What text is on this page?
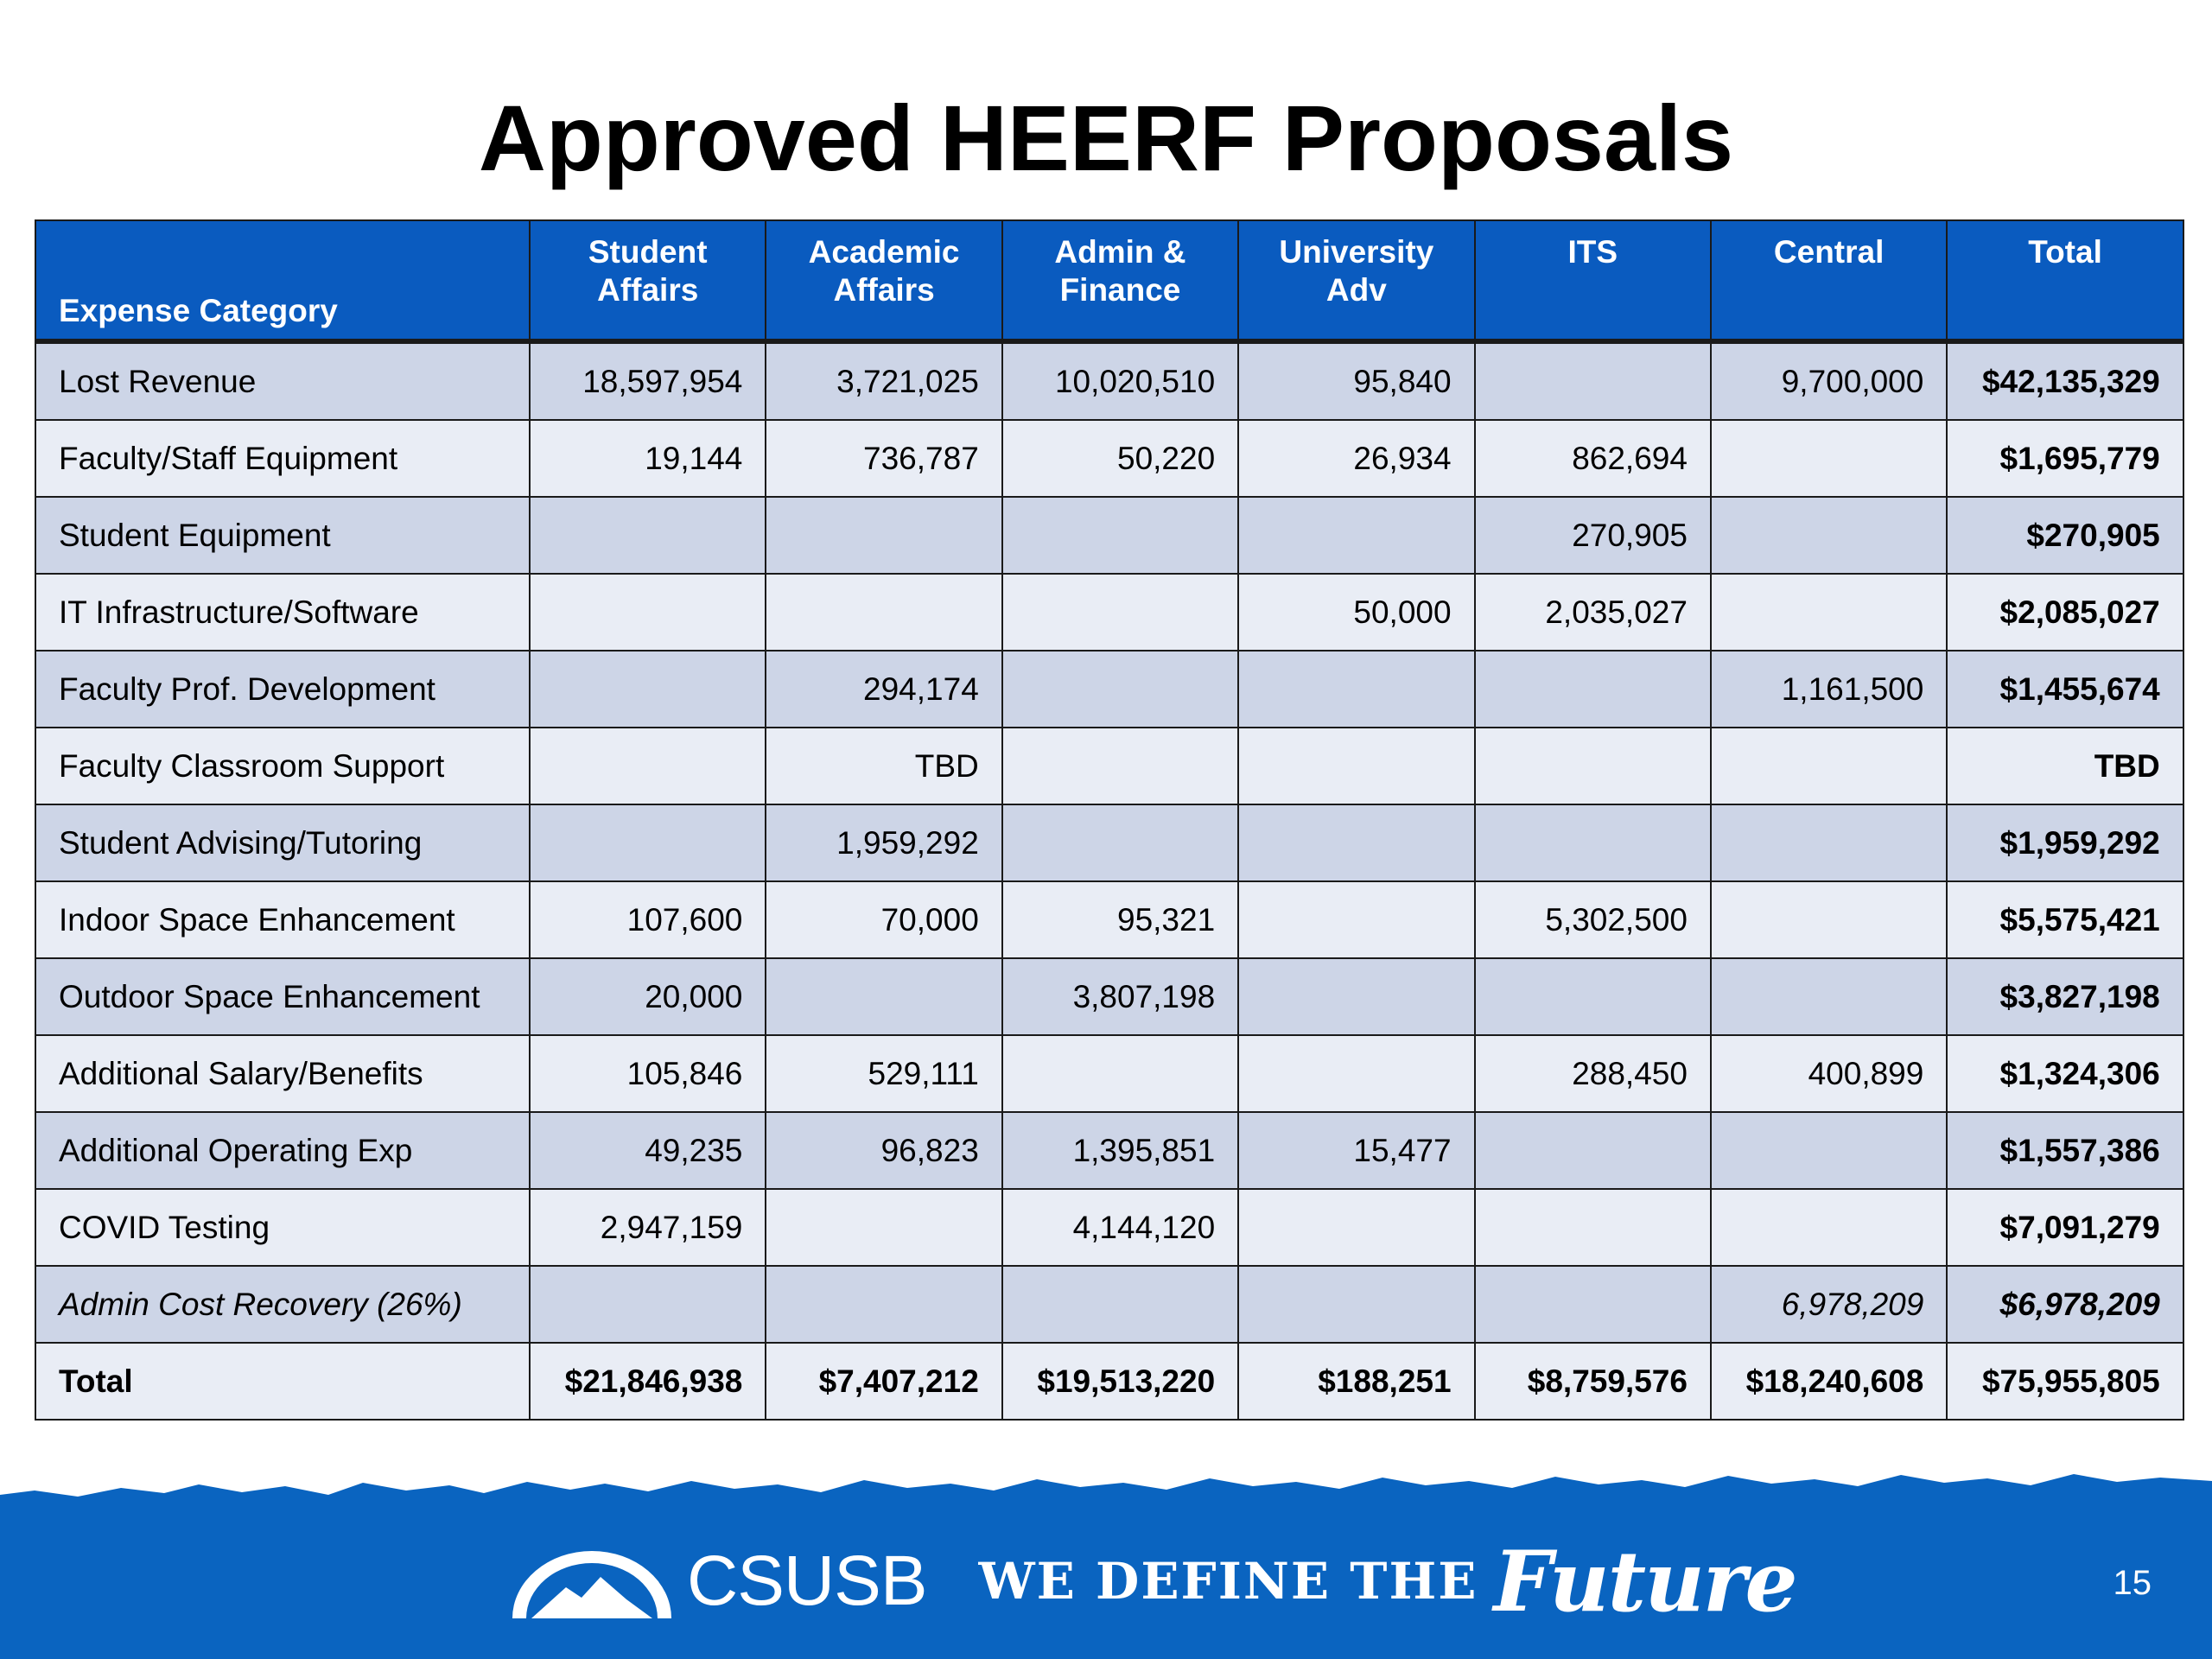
Approved HEERF Proposals
Expense Category	Student Affairs	Academic Affairs	Admin & Finance	University Adv	ITS	Central	Total
Lost Revenue	18,597,954	3,721,025	10,020,510	95,840		9,700,000	$42,135,329
Faculty/Staff Equipment	19,144	736,787	50,220	26,934	862,694		$1,695,779
Student Equipment					270,905		$270,905
IT Infrastructure/Software				50,000	2,035,027		$2,085,027
Faculty Prof. Development		294,174				1,161,500	$1,455,674
Faculty Classroom Support		TBD					TBD
Student Advising/Tutoring		1,959,292					$1,959,292
Indoor Space Enhancement	107,600	70,000	95,321		5,302,500		$5,575,421
Outdoor Space Enhancement	20,000		3,807,198				$3,827,198
Additional Salary/Benefits	105,846	529,111			288,450	400,899	$1,324,306
Additional Operating Exp	49,235	96,823	1,395,851	15,477			$1,557,386
COVID Testing	2,947,159		4,144,120				$7,091,279
Admin Cost Recovery (26%)						6,978,209	$6,978,209
Total	$21,846,938	$7,407,212	$19,513,220	$188,251	$8,759,576	$18,240,608	$75,955,805
CSUSB WE DEFINE THE Future	15
